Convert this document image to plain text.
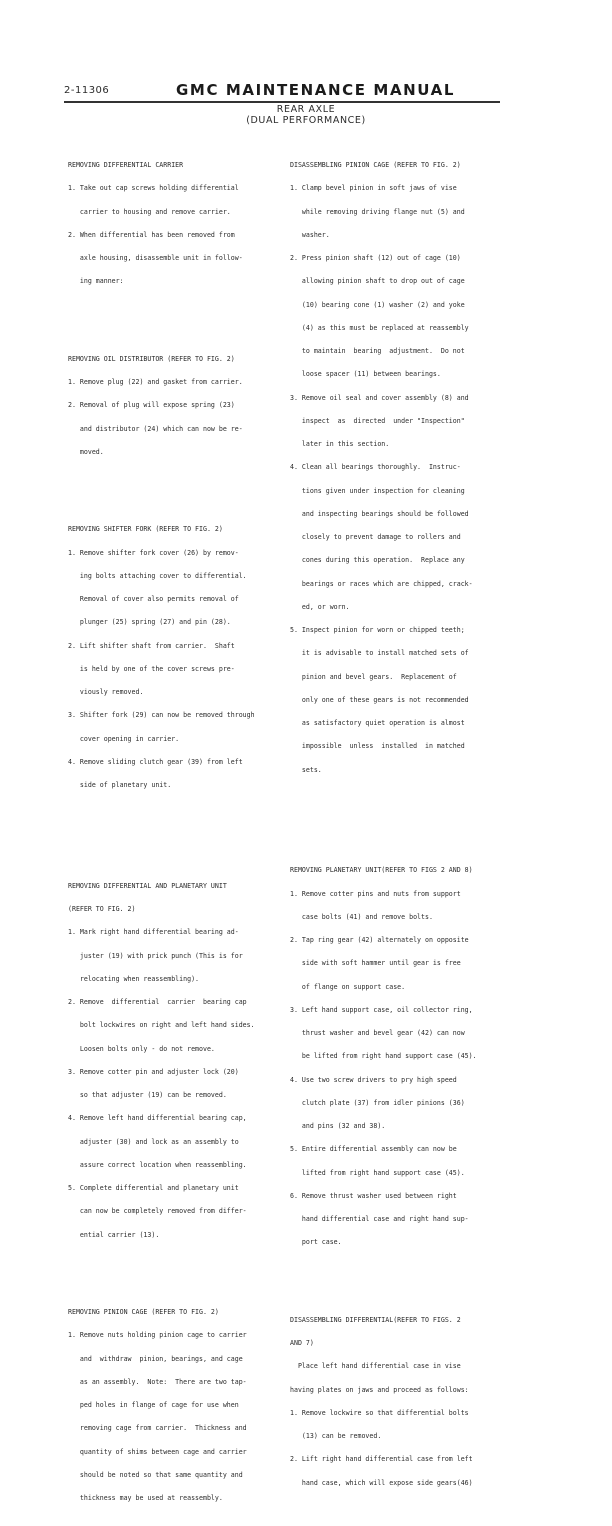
2-11306	GMC MAINTENANCE MANUAL
REAR AXLE
(DUAL PERFORMANCE)

REMOVING DIFFERENTIAL CARRIER

1. Take out cap screws holding differential

carrier to housing and remove carrier.

2. When differential has been removed from

axle housing, disassemble unit in follow-

ing manner:

REMOVING OIL DISTRIBUTOR (REFER TO FIG. 2)

1. Remove plug (22) and gasket from carrier.

2. Removal of plug will expose spring (23)

and distributor (24) which can now be re-

moved.

REMOVING SHIFTER FORK (REFER TO FIG. 2)

1. Remove shifter fork cover (26) by remov-

ing bolts attaching cover to differential.

Removal of cover also permits removal of

plunger (25) spring (27) and pin (28).

2. Lift shifter shaft from carrier.  Shaft

is held by one of the cover screws pre-

viously removed.

3. Shifter fork (29) can now be removed through

cover opening in carrier.

4. Remove sliding clutch gear (39) from left

side of planetary unit.

REMOVING DIFFERENTIAL AND PLANETARY UNIT

(REFER TO FIG. 2)

1. Mark right hand differential bearing ad-

juster (19) with prick punch (This is for

relocating when reassembling).

2. Remove  differential  carrier  bearing cap

bolt lockwires on right and left hand sides.

Loosen bolts only - do not remove.

3. Remove cotter pin and adjuster lock (20)

so that adjuster (19) can be removed.

4. Remove left hand differential bearing cap,

adjuster (30) and lock as an assembly to

assure correct location when reassembling.

5. Complete differential and planetary unit

can now be completely removed from differ-

ential carrier (13).

REMOVING PINION CAGE (REFER TO FIG. 2)

1. Remove nuts holding pinion cage to carrier

and  withdraw  pinion, bearings, and cage

as an assembly.  Note:  There are two tap-

ped holes in flange of cage for use when

removing cage from carrier.  Thickness and

quantity of shims between cage and carrier

should be noted so that same quantity and

thickness may be used at reassembly.

DISASSEMBLING PINION CAGE (REFER TO FIG. 2)

1. Clamp bevel pinion in soft jaws of vise

while removing driving flange nut (5) and

washer.

2. Press pinion shaft (12) out of cage (10)

allowing pinion shaft to drop out of cage

(10) bearing cone (1) washer (2) and yoke

(4) as this must be replaced at reassembly

to maintain  bearing  adjustment.  Do not

loose spacer (11) between bearings.

3. Remove oil seal and cover assembly (8) and

inspect  as  directed  under "Inspection"

later in this section.

4. Clean all bearings thoroughly.  Instruc-

tions given under inspection for cleaning

and inspecting bearings should be followed

closely to prevent damage to rollers and

cones during this operation.  Replace any

bearings or races which are chipped, crack-

ed, or worn.

5. Inspect pinion for worn or chipped teeth;

it is advisable to install matched sets of

pinion and bevel gears.  Replacement of

only one of these gears is not recommended

as satisfactory quiet operation is almost

impossible  unless  installed  in matched

sets.

REMOVING PLANETARY UNIT(REFER TO FIGS 2 AND 8)

1. Remove cotter pins and nuts from support

case bolts (41) and remove bolts.

2. Tap ring gear (42) alternately on opposite

side with soft hammer until gear is free

of flange on support case.

3. Left hand support case, oil collector ring,

thrust washer and bevel gear (42) can now

be lifted from right hand support case (45).

4. Use two screw drivers to pry high speed

clutch plate (37) from idler pinions (36)

and pins (32 and 38).

5. Entire differential assembly can now be

lifted from right hand support case (45).

6. Remove thrust washer used between right

hand differential case and right hand sup-

port case.

DISASSEMBLING DIFFERENTIAL(REFER TO FIGS. 2

AND 7)

Place left hand differential case in vise

having plates on jaws and proceed as follows:

1. Remove lockwire so that differential bolts

(13) can be removed.

2. Lift right hand differential case from left

hand case, which will expose side gears(46)
